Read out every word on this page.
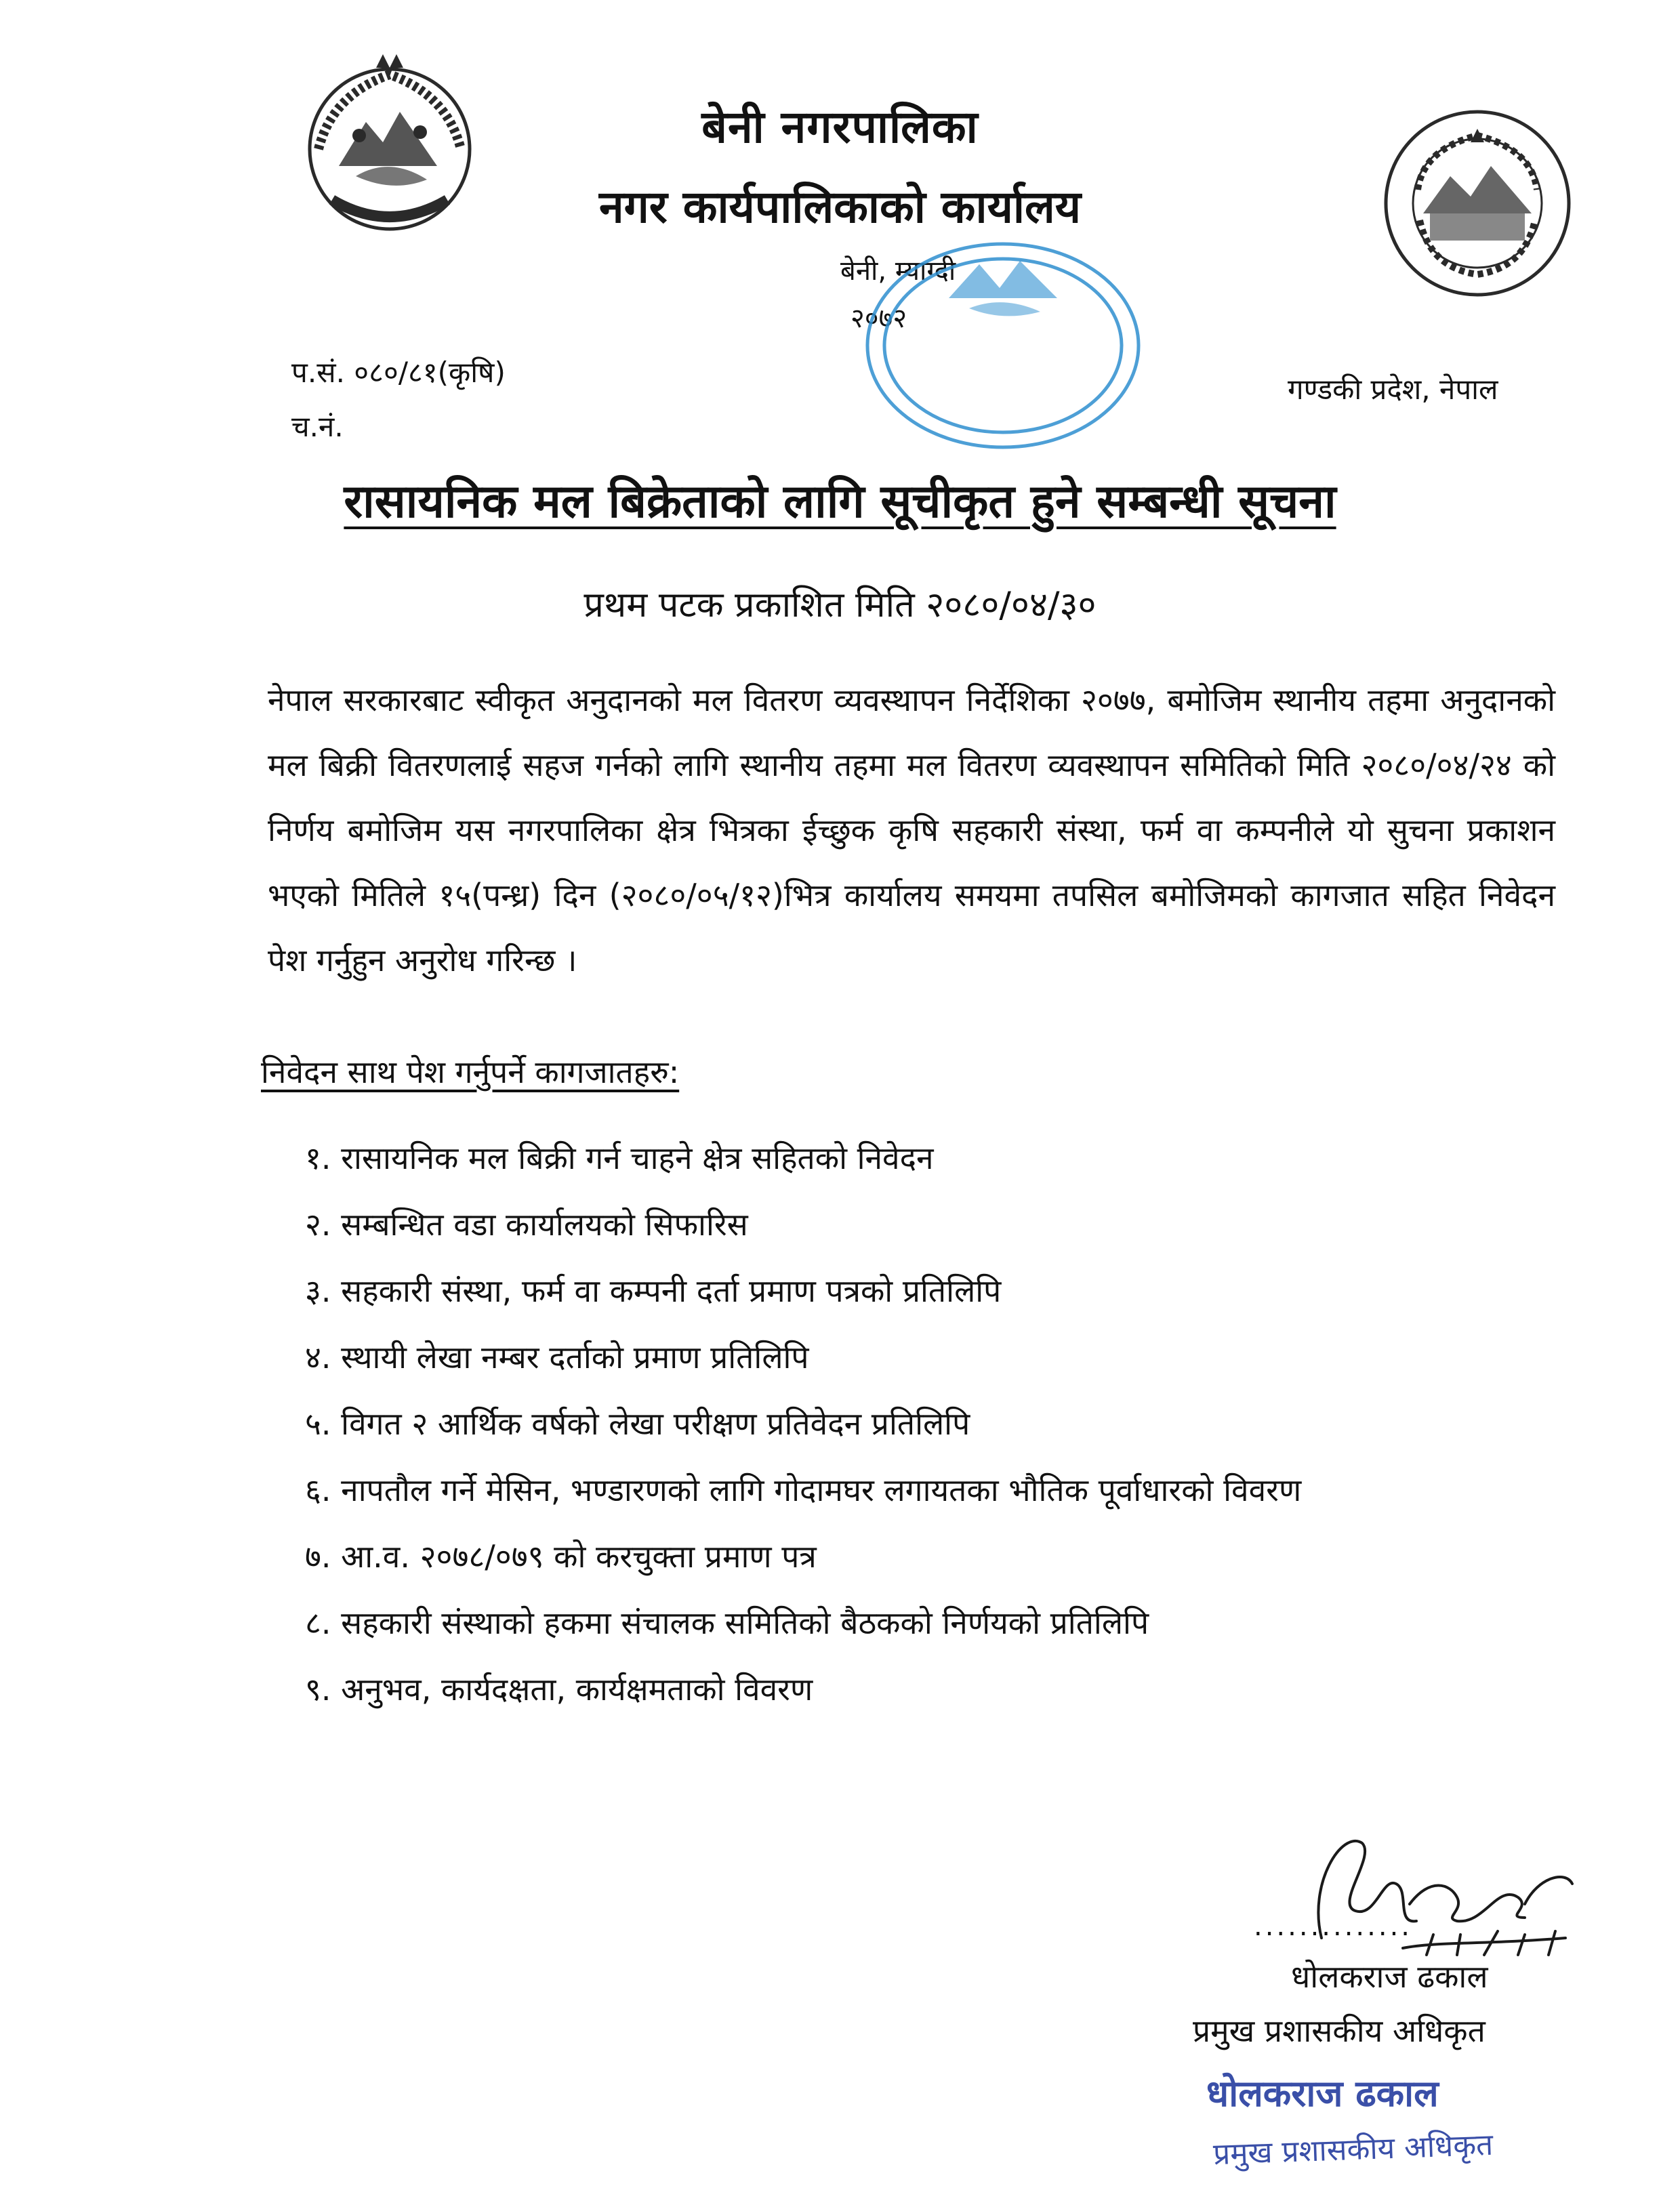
बेनी नगरपालिका
नगर कार्यपालिकाको कार्यालय
बेनी, म्याग्दी
२०७२
प.सं. ०८०/८१(कृषि)
च.नं.
गण्डकी प्रदेश, नेपाल
रासायनिक मल बिक्रेताको लागि सूचीकृत हुने सम्बन्धी सूचना
प्रथम पटक प्रकाशित मिति २०८०/०४/३०
नेपाल सरकारबाट स्वीकृत अनुदानको मल वितरण व्यवस्थापन निर्देशिका २०७७, बमोजिम स्थानीय तहमा अनुदानको मल बिक्री वितरणलाई सहज गर्नको लागि स्थानीय तहमा मल वितरण व्यवस्थापन समितिको मिति २०८०/०४/२४ को निर्णय बमोजिम यस नगरपालिका क्षेत्र भित्रका ईच्छुक कृषि सहकारी संस्था, फर्म वा कम्पनीले यो सुचना प्रकाशन भएको मितिले १५(पन्ध्र) दिन (२०८०/०५/१२)भित्र कार्यालय समयमा तपसिल बमोजिमको कागजात सहित निवेदन पेश गर्नुहुन अनुरोध गरिन्छ ।
निवेदन साथ पेश गर्नुपर्ने कागजातहरु:
१. रासायनिक मल बिक्री गर्न चाहने क्षेत्र सहितको निवेदन
२. सम्बन्धित वडा कार्यालयको सिफारिस
३. सहकारी संस्था, फर्म वा कम्पनी दर्ता प्रमाण पत्रको प्रतिलिपि
४. स्थायी लेखा नम्बर दर्ताको प्रमाण प्रतिलिपि
५. विगत २ आर्थिक वर्षको लेखा परीक्षण प्रतिवेदन प्रतिलिपि
६. नापतौल गर्ने मेसिन, भण्डारणको लागि गोदामघर लगायतका भौतिक पूर्वाधारको विवरण
७. आ.व. २०७८/०७९ को करचुक्ता प्रमाण पत्र
८. सहकारी संस्थाको हकमा संचालक समितिको बैठकको निर्णयको प्रतिलिपि
९. अनुभव, कार्यदक्षता, कार्यक्षमताको विवरण
..............
धोलकराज ढकाल
प्रमुख प्रशासकीय अधिकृत
धोलकराज ढकाल
प्रमुख प्रशासकीय अधिकृत
